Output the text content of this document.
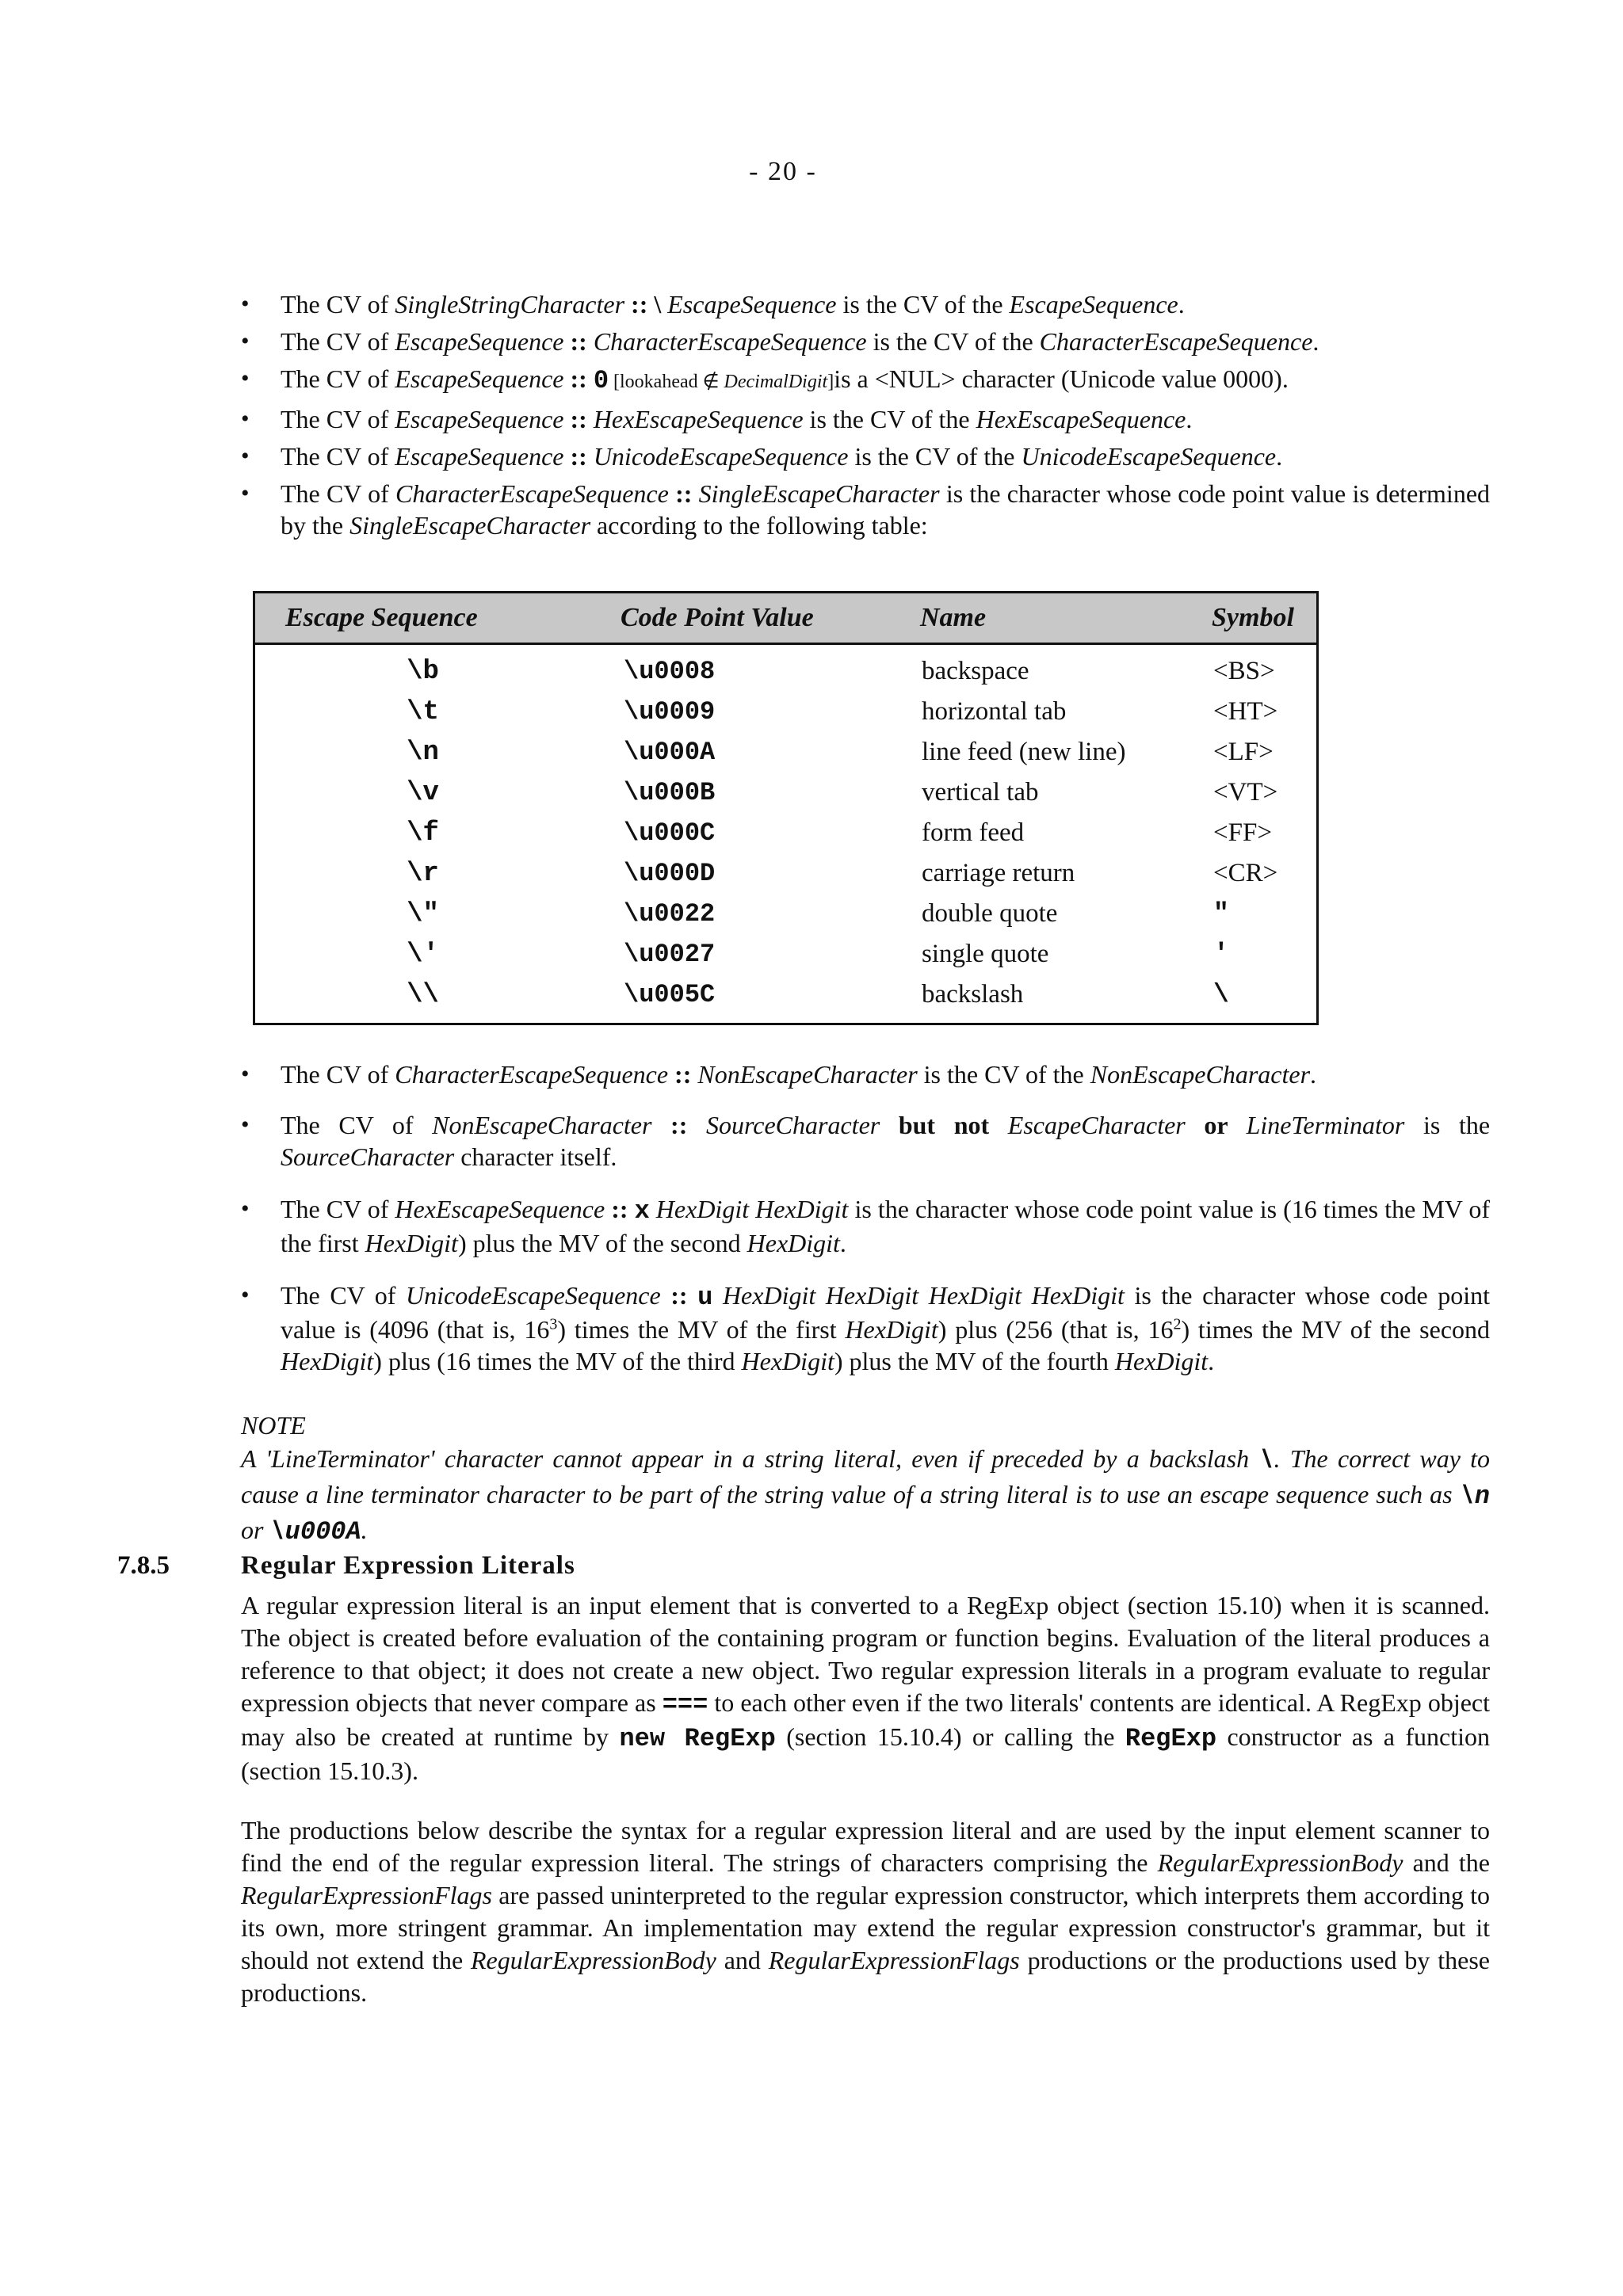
- 20 -
• The CV of SingleStringCharacter :: \ EscapeSequence is the CV of the EscapeSequence.
• The CV of EscapeSequence :: CharacterEscapeSequence is the CV of the CharacterEscapeSequence.
• The CV of EscapeSequence :: 0 [lookahead ∉ DecimalDigit]is a <NUL> character (Unicode value 0000).
• The CV of EscapeSequence :: HexEscapeSequence is the CV of the HexEscapeSequence.
• The CV of EscapeSequence :: UnicodeEscapeSequence is the CV of the UnicodeEscapeSequence.
• The CV of CharacterEscapeSequence :: SingleEscapeCharacter is the character whose code point value is determined by the SingleEscapeCharacter according to the following table:
Escape Sequence	Code Point Value	Name	Symbol
\b	\u0008	backspace	<BS>
\t	\u0009	horizontal tab	<HT>
\n	\u000A	line feed (new line)	<LF>
\v	\u000B	vertical tab	<VT>
\f	\u000C	form feed	<FF>
\r	\u000D	carriage return	<CR>
\"	\u0022	double quote	"
\'	\u0027	single quote	'
\\	\u005C	backslash	\
• The CV of CharacterEscapeSequence :: NonEscapeCharacter is the CV of the NonEscapeCharacter.
• The CV of NonEscapeCharacter :: SourceCharacter but not EscapeCharacter or LineTerminator is the SourceCharacter character itself.
• The CV of HexEscapeSequence :: x HexDigit HexDigit is the character whose code point value is (16 times the MV of the first HexDigit) plus the MV of the second HexDigit.
• The CV of UnicodeEscapeSequence :: u HexDigit HexDigit HexDigit HexDigit is the character whose code point value is (4096 (that is, $16^3$) times the MV of the first HexDigit) plus (256 (that is, $16^2$) times the MV of the second HexDigit) plus (16 times the MV of the third HexDigit) plus the MV of the fourth HexDigit.
NOTE
A 'LineTerminator' character cannot appear in a string literal, even if preceded by a backslash \. The correct way to cause a line terminator character to be part of the string value of a string literal is to use an escape sequence such as \n or \u000A.
7.8.5	Regular Expression Literals

A regular expression literal is an input element that is converted to a RegExp object (section 15.10) when it is scanned. The object is created before evaluation of the containing program or function begins. Evaluation of the literal produces a reference to that object; it does not create a new object. Two regular expression literals in a program evaluate to regular expression objects that never compare as === to each other even if the two literals' contents are identical. A RegExp object may also be created at runtime by new RegExp (section 15.10.4) or calling the RegExp constructor as a function (section 15.10.3).

The productions below describe the syntax for a regular expression literal and are used by the input element scanner to find the end of the regular expression literal. The strings of characters comprising the RegularExpressionBody and the RegularExpressionFlags are passed uninterpreted to the regular expression constructor, which interprets them according to its own, more stringent grammar. An implementation may extend the regular expression constructor's grammar, but it should not extend the RegularExpressionBody and RegularExpressionFlags productions or the productions used by these productions.
